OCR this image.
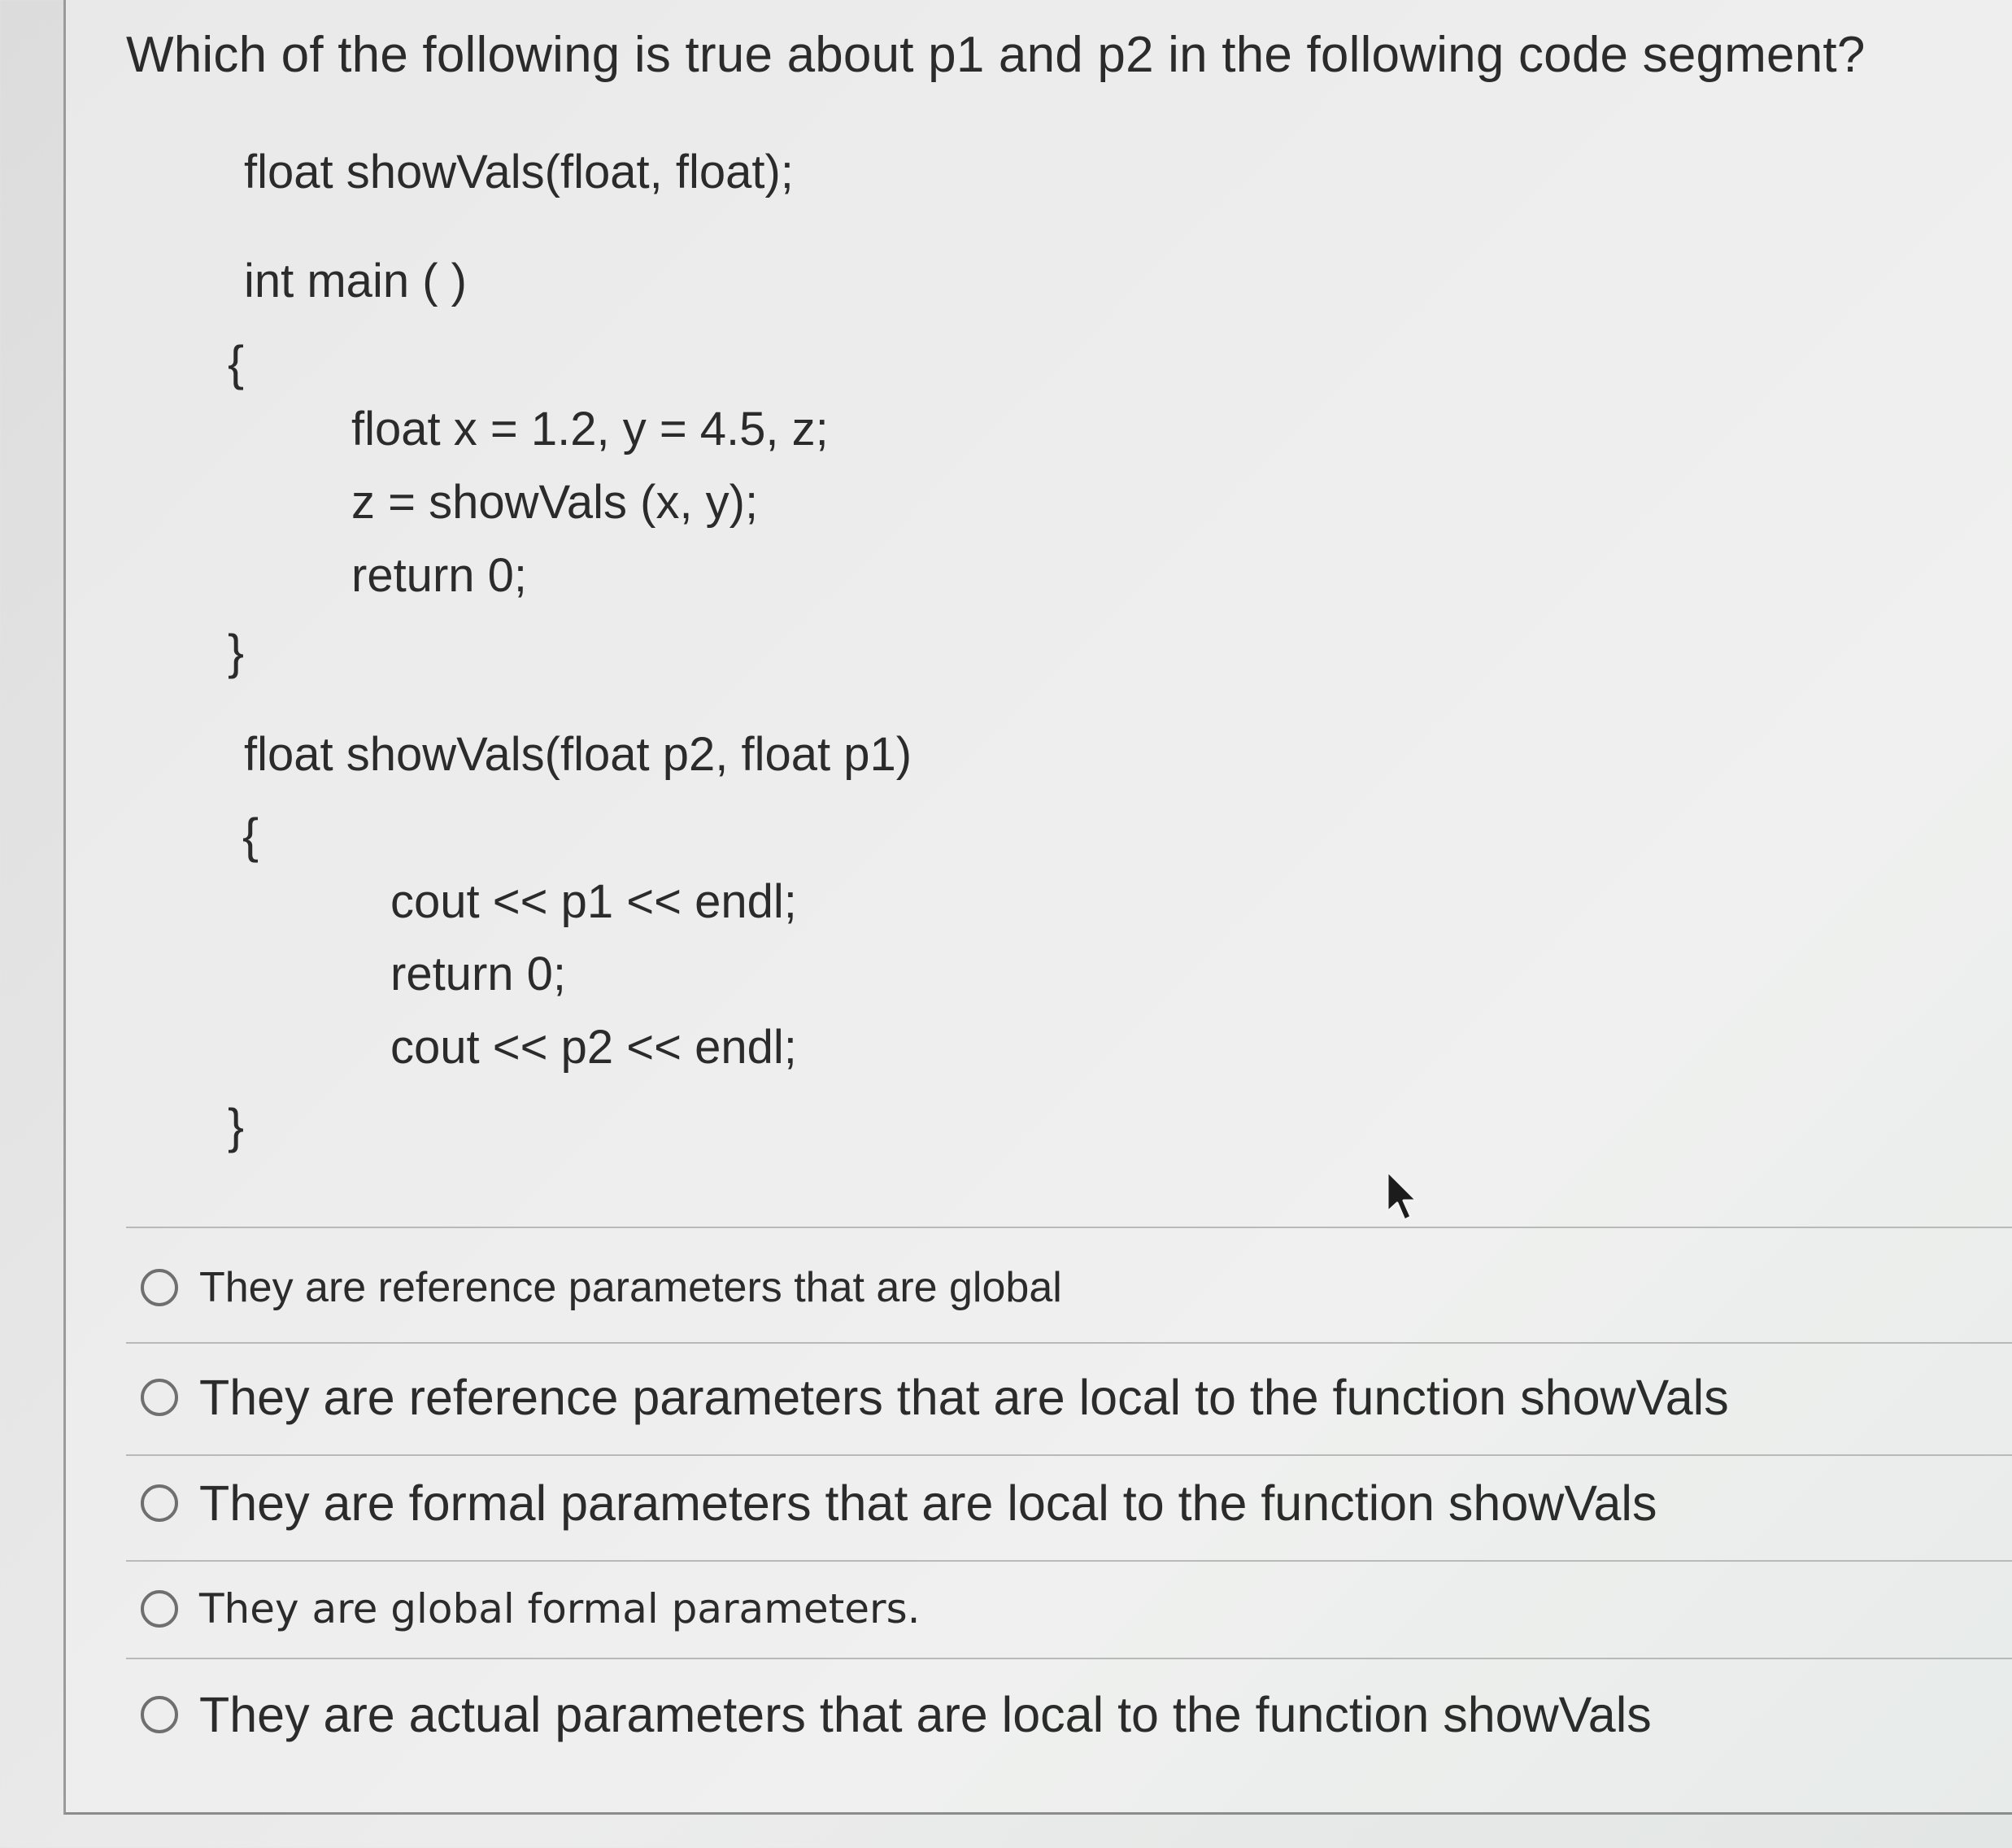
Which of the following is true about p1 and p2 in the following code segment?
float showVals(float, float);
int main ( )
{
float x = 1.2, y = 4.5, z;
z = showVals (x, y);
return 0;
}
float showVals(float p2, float p1)
{
cout << p1 << endl;
return 0;
cout << p2 << endl;
}
They are reference parameters that are global
They are reference parameters that are local to the function showVals
They are formal parameters that are local to the function showVals
They are global formal parameters.
They are actual parameters that are local to the function showVals
